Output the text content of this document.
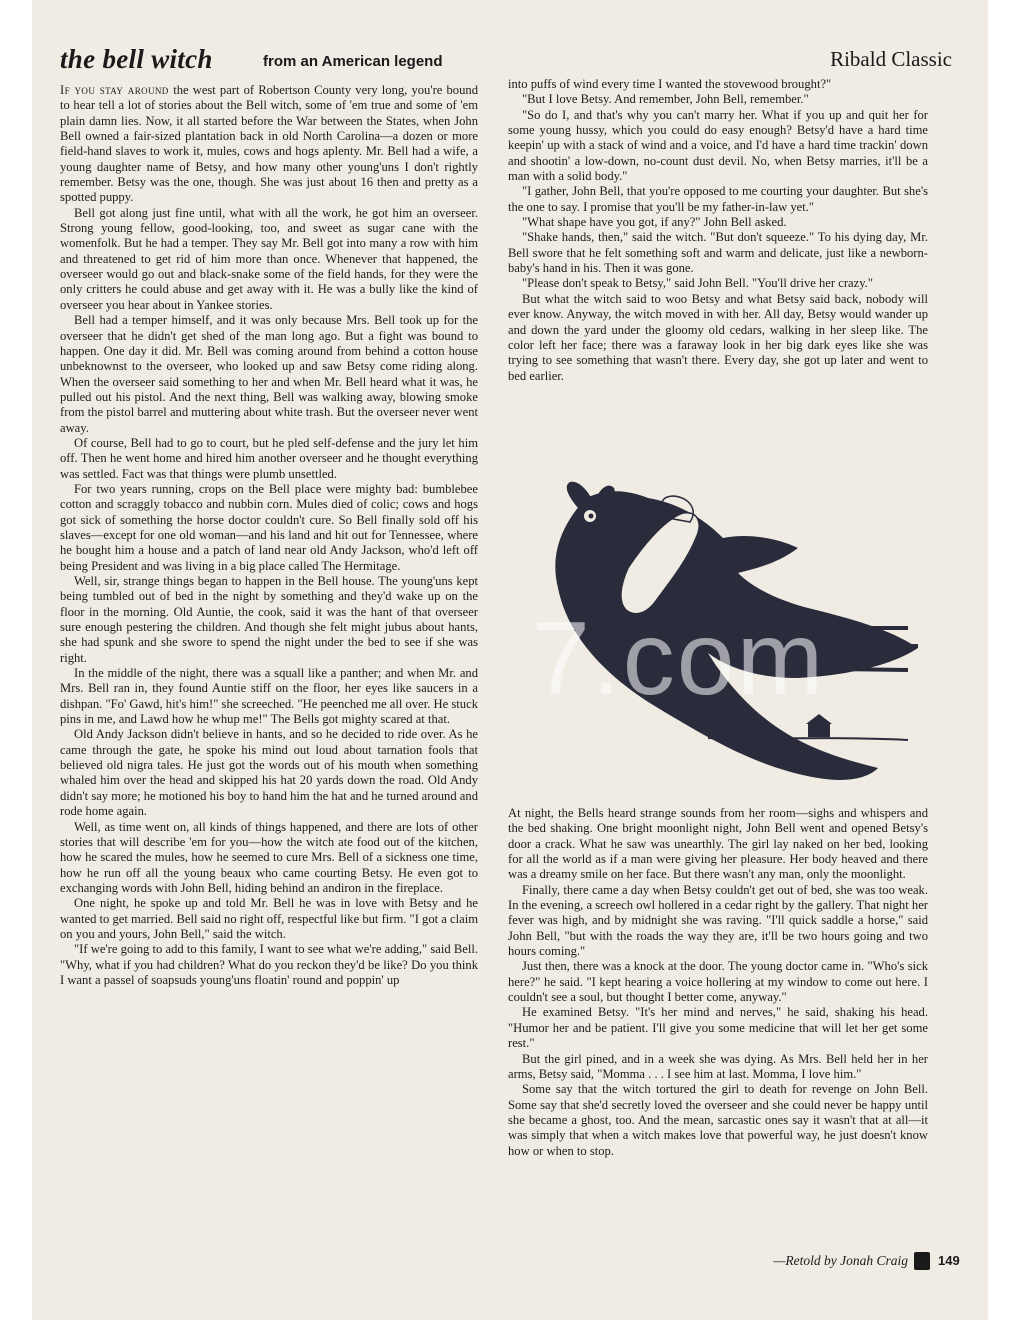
the bell witch	from an American legend	Ribald Classic

If you stay around the west part of Robertson County very long, you're bound to hear tell a lot of stories about the Bell witch, some of 'em true and some of 'em plain damn lies. Now, it all started before the War between the States, when John Bell owned a fair-sized plantation back in old North Carolina—a dozen or more field-hand slaves to work it, mules, cows and hogs aplenty. Mr. Bell had a wife, a young daughter name of Betsy, and how many other young'uns I don't rightly remember. Betsy was the one, though. She was just about 16 then and pretty as a spotted puppy.

Bell got along just fine until, what with all the work, he got him an overseer. Strong young fellow, good-looking, too, and sweet as sugar cane with the womenfolk. But he had a temper. They say Mr. Bell got into many a row with him and threatened to get rid of him more than once. Whenever that happened, the overseer would go out and black-snake some of the field hands, for they were the only critters he could abuse and get away with it. He was a bully like the kind of overseer you hear about in Yankee stories.

Bell had a temper himself, and it was only because Mrs. Bell took up for the overseer that he didn't get shed of the man long ago. But a fight was bound to happen. One day it did. Mr. Bell was coming around from behind a cotton house unbeknownst to the overseer, who looked up and saw Betsy come riding along. When the overseer said something to her and when Mr. Bell heard what it was, he pulled out his pistol. And the next thing, Bell was walking away, blowing smoke from the pistol barrel and muttering about white trash. But the overseer never went away.

Of course, Bell had to go to court, but he pled self-defense and the jury let him off. Then he went home and hired him another overseer and he thought everything was settled. Fact was that things were plumb unsettled.

For two years running, crops on the Bell place were mighty bad: bumblebee cotton and scraggly tobacco and nubbin corn. Mules died of colic; cows and hogs got sick of something the horse doctor couldn't cure. So Bell finally sold off his slaves—except for one old woman—and his land and hit out for Tennessee, where he bought him a house and a patch of land near old Andy Jackson, who'd left off being President and was living in a big place called The Hermitage.

Well, sir, strange things began to happen in the Bell house. The young'uns kept being tumbled out of bed in the night by something and they'd wake up on the floor in the morning. Old Auntie, the cook, said it was the hant of that overseer sure enough pestering the children. And though she felt might jubus about hants, she had spunk and she swore to spend the night under the bed to see if she was right.

In the middle of the night, there was a squall like a panther; and when Mr. and Mrs. Bell ran in, they found Auntie stiff on the floor, her eyes like saucers in a dishpan. "Fo' Gawd, hit's him!" she screeched. "He peenched me all over. He stuck pins in me, and Lawd how he whup me!" The Bells got mighty scared at that.

Old Andy Jackson didn't believe in hants, and so he decided to ride over. As he came through the gate, he spoke his mind out loud about tarnation fools that believed old nigra tales. He just got the words out of his mouth when something whaled him over the head and skipped his hat 20 yards down the road. Old Andy didn't say more; he motioned his boy to hand him the hat and he turned around and rode home again.

Well, as time went on, all kinds of things happened, and there are lots of other stories that will describe 'em for you—how the witch ate food out of the kitchen, how he scared the mules, how he seemed to cure Mrs. Bell of a sickness one time, how he run off all the young beaux who came courting Betsy. He even got to exchanging words with John Bell, hiding behind an andiron in the fireplace.

One night, he spoke up and told Mr. Bell he was in love with Betsy and he wanted to get married. Bell said no right off, respectful like but firm. "I got a claim on you and yours, John Bell," said the witch.

"If we're going to add to this family, I want to see what we're adding," said Bell. "Why, what if you had children? What do you reckon they'd be like? Do you think I want a passel of soapsuds young'uns floatin' round and poppin' up

into puffs of wind every time I wanted the stovewood brought?"

"But I love Betsy. And remember, John Bell, remember."

"So do I, and that's why you can't marry her. What if you up and quit her for some young hussy, which you could do easy enough? Betsy'd have a hard time keepin' up with a stack of wind and a voice, and I'd have a hard time trackin' down and shootin' a low-down, no-count dust devil. No, when Betsy marries, it'll be a man with a solid body."

"I gather, John Bell, that you're opposed to me courting your daughter. But she's the one to say. I promise that you'll be my father-in-law yet."

"What shape have you got, if any?" John Bell asked.

"Shake hands, then," said the witch. "But don't squeeze." To his dying day, Mr. Bell swore that he felt something soft and warm and delicate, just like a newborn-baby's hand in his. Then it was gone.

"Please don't speak to Betsy," said John Bell. "You'll drive her crazy."

But what the witch said to woo Betsy and what Betsy said back, nobody will ever know. Anyway, the witch moved in with her. All day, Betsy would wander up and down the yard under the gloomy old cedars, walking in her sleep like. The color left her face; there was a faraway look in her big dark eyes like she was trying to see something that wasn't there. Every day, she got up later and went to bed earlier.

At night, the Bells heard strange sounds from her room—sighs and whispers and the bed shaking. One bright moonlight night, John Bell went and opened Betsy's door a crack. What he saw was unearthly. The girl lay naked on her bed, looking for all the world as if a man were giving her pleasure. Her body heaved and there was a dreamy smile on her face. But there wasn't any man, only the moonlight.

Finally, there came a day when Betsy couldn't get out of bed, she was too weak. In the evening, a screech owl hollered in a cedar right by the gallery. That night her fever was high, and by midnight she was raving. "I'll quick saddle a horse," said John Bell, "but with the roads the way they are, it'll be two hours going and two hours coming."

Just then, there was a knock at the door. The young doctor came in. "Who's sick here?" he said. "I kept hearing a voice hollering at my window to come out here. I couldn't see a soul, but thought I better come, anyway."

He examined Betsy. "It's her mind and nerves," he said, shaking his head. "Humor her and be patient. I'll give you some medicine that will let her get some rest."

But the girl pined, and in a week she was dying. As Mrs. Bell held her in her arms, Betsy said, "Momma . . . I see him at last. Momma, I love him."

Some say that the witch tortured the girl to death for revenge on John Bell. Some say that she'd secretly loved the overseer and she could never be happy until she became a ghost, too. And the mean, sarcastic ones say it wasn't that at all—it was simply that when a witch makes love that powerful way, he just doesn't know how or when to stop.

—Retold by Jonah Craig 149
7.com
